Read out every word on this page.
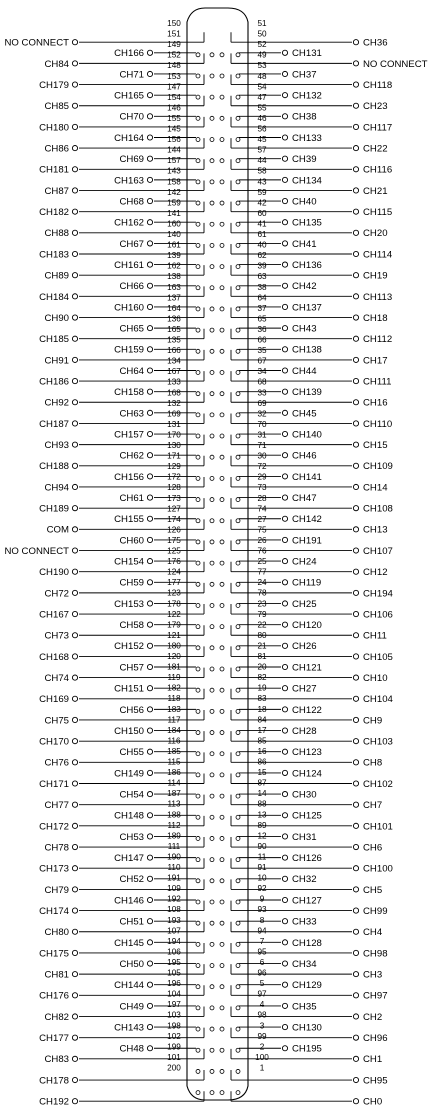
NO CONNECT	CH36
CH84	NO CONNECT
CH179	CH118
CH85	CH23
CH180	CH117
CH86	CH22
CH181	CH116
CH87	CH21
CH182	CH115
CH88	CH20
CH183	CH114
CH89	CH19
CH184	CH113
CH90	CH18
CH185	CH112
CH91	CH17
CH186	CH111
CH92	CH16
CH187	CH110
CH93	CH15
CH188	CH109
CH94	CH14
CH189	CH108
COM	CH13
NO CONNECT	CH107
CH190	CH12
CH72	CH194
CH167	CH106
CH73	CH11
CH168	CH105
CH74	CH10
CH169	CH104
CH75	CH9
CH170	CH103
CH76	CH8
CH171	CH102
CH77	CH7
CH172	CH101
CH78	CH6
CH173	CH100
CH79	CH5
CH174	CH99
CH80	CH4
CH175	CH98
CH81	CH3
CH176	CH97
CH82	CH2
CH177	CH96
CH83	CH1
CH178	CH95
CH192	CH0
CH166	CH131
CH71	CH37
CH165	CH132
CH70	CH38
CH164	CH133
CH69	CH39
CH163	CH134
CH68	CH40
CH162	CH135
CH67	CH41
CH161	CH136
CH66	CH42
CH160	CH137
CH65	CH43
CH159	CH138
CH64	CH44
CH158	CH139
CH63	CH45
CH157	CH140
CH62	CH46
CH156	CH141
CH61	CH47
CH155	CH142
CH60	CH191
CH154	CH24
CH59	CH119
CH153	CH25
CH58	CH120
CH152	CH26
CH57	CH121
CH151	CH27
CH56	CH122
CH150	CH28
CH55	CH123
CH149	CH124
CH54	CH30
CH148	CH125
CH53	CH31
CH147	CH126
CH52	CH32
CH146	CH127
CH51	CH33
CH145	CH128
CH50	CH34
CH144	CH129
CH49	CH35
CH143	CH130
CH48	CH195
150	51
151	50
149	52
152	49
148	53
153	48
147	54
154	47
146	55
155	46
145	56
156	45
144	57
157	44
143	58
158	43
142	59
159	42
141	60
160	41
140	61
161	40
139	62
162	39
138	63
163	38
137	64
164	37
136	65
165	36
135	66
166	35
134	67
167	34
133	68
168	33
132	69
169	32
131	70
170	31
130	71
171	30
129	72
172	29
128	73
173	28
127	74
174	27
126	75
175	26
125	76
176	25
124	77
177	24
123	78
178	23
122	79
179	22
121	80
180	21
120	81
181	20
119	82
182	19
118	83
183	18
117	84
184	17
116	85
185	16
115	86
186	15
114	87
187	14
113	88
188	13
112	89
189	12
111	90
190	11
110	91
191	10
109	92
192	9
108	93
193	8
107	94
194	7
106	95
195	6
105	96
196	5
104	97
197	4
103	98
198	3
102	99
199	2
101	100
200	1
